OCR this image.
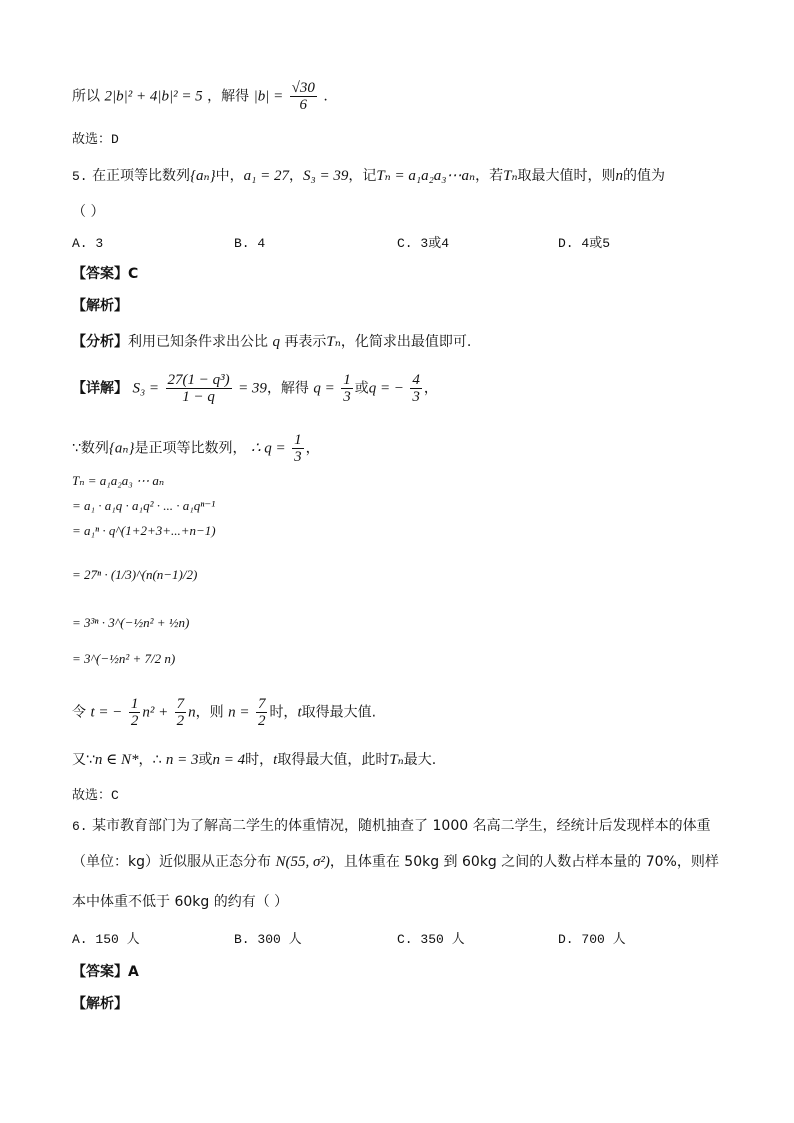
所以 2|b|² + 4|b|² = 5 ，解得 $|b| = \frac{√30}{6}$ .
故选：D
5. 在正项等比数列{aₙ}中，a₁ = 27，S₃ = 39，记Tₙ = a₁a₂a₃⋯aₙ，若Tₙ取最大值时，则n的值为
（ ）
A. 3	B. 4	C. 3或4	D. 4或5
【答案】C
【解析】
【分析】利用已知条件求出公比 q 再表示Tₙ，化简求出最值即可.
【详解】 $S_3 = \frac{\text{27(1 − q³)}}{1 - q} = 39$，解得 $q = \frac{1}{3}$ 或q = − $\frac{4}{3}$ ，
∵数列{aₙ}是正项等比数列， ∴ $q = \frac{1}{3}$ ，
Tₙ = a₁a₂a₃ ⋯ aₙ
= a₁ · a₁q · a₁q² · ... · a₁qⁿ⁻¹
= a₁ⁿ · q^(1+2+3+...+n−1)
= 27ⁿ · (1/3)^(n(n−1)/2)
= 3³ⁿ · 3^(−½n² + ½n)
= 3^(−½n² + 7/2 n)
令 t = − $\frac{1}{2} n^2 + \frac{7}{2}$ n，则 $n = \frac{7}{2}$ 时，t取得最大值.
又∵n ∈ N*，∴ n = 3或n = 4时，t取得最大值，此时Tₙ最大.
故选：C
6. 某市教育部门为了解高二学生的体重情况，随机抽查了 1000 名高二学生，经统计后发现样本的体重
（单位：kg）近似服从正态分布 N(55, σ²)，且体重在 50kg 到 60kg 之间的人数占样本量的 70%，则样
本中体重不低于 60kg 的约有（ ）
A. 150 人	B. 300 人	C. 350 人	D. 700 人
【答案】A
【解析】
